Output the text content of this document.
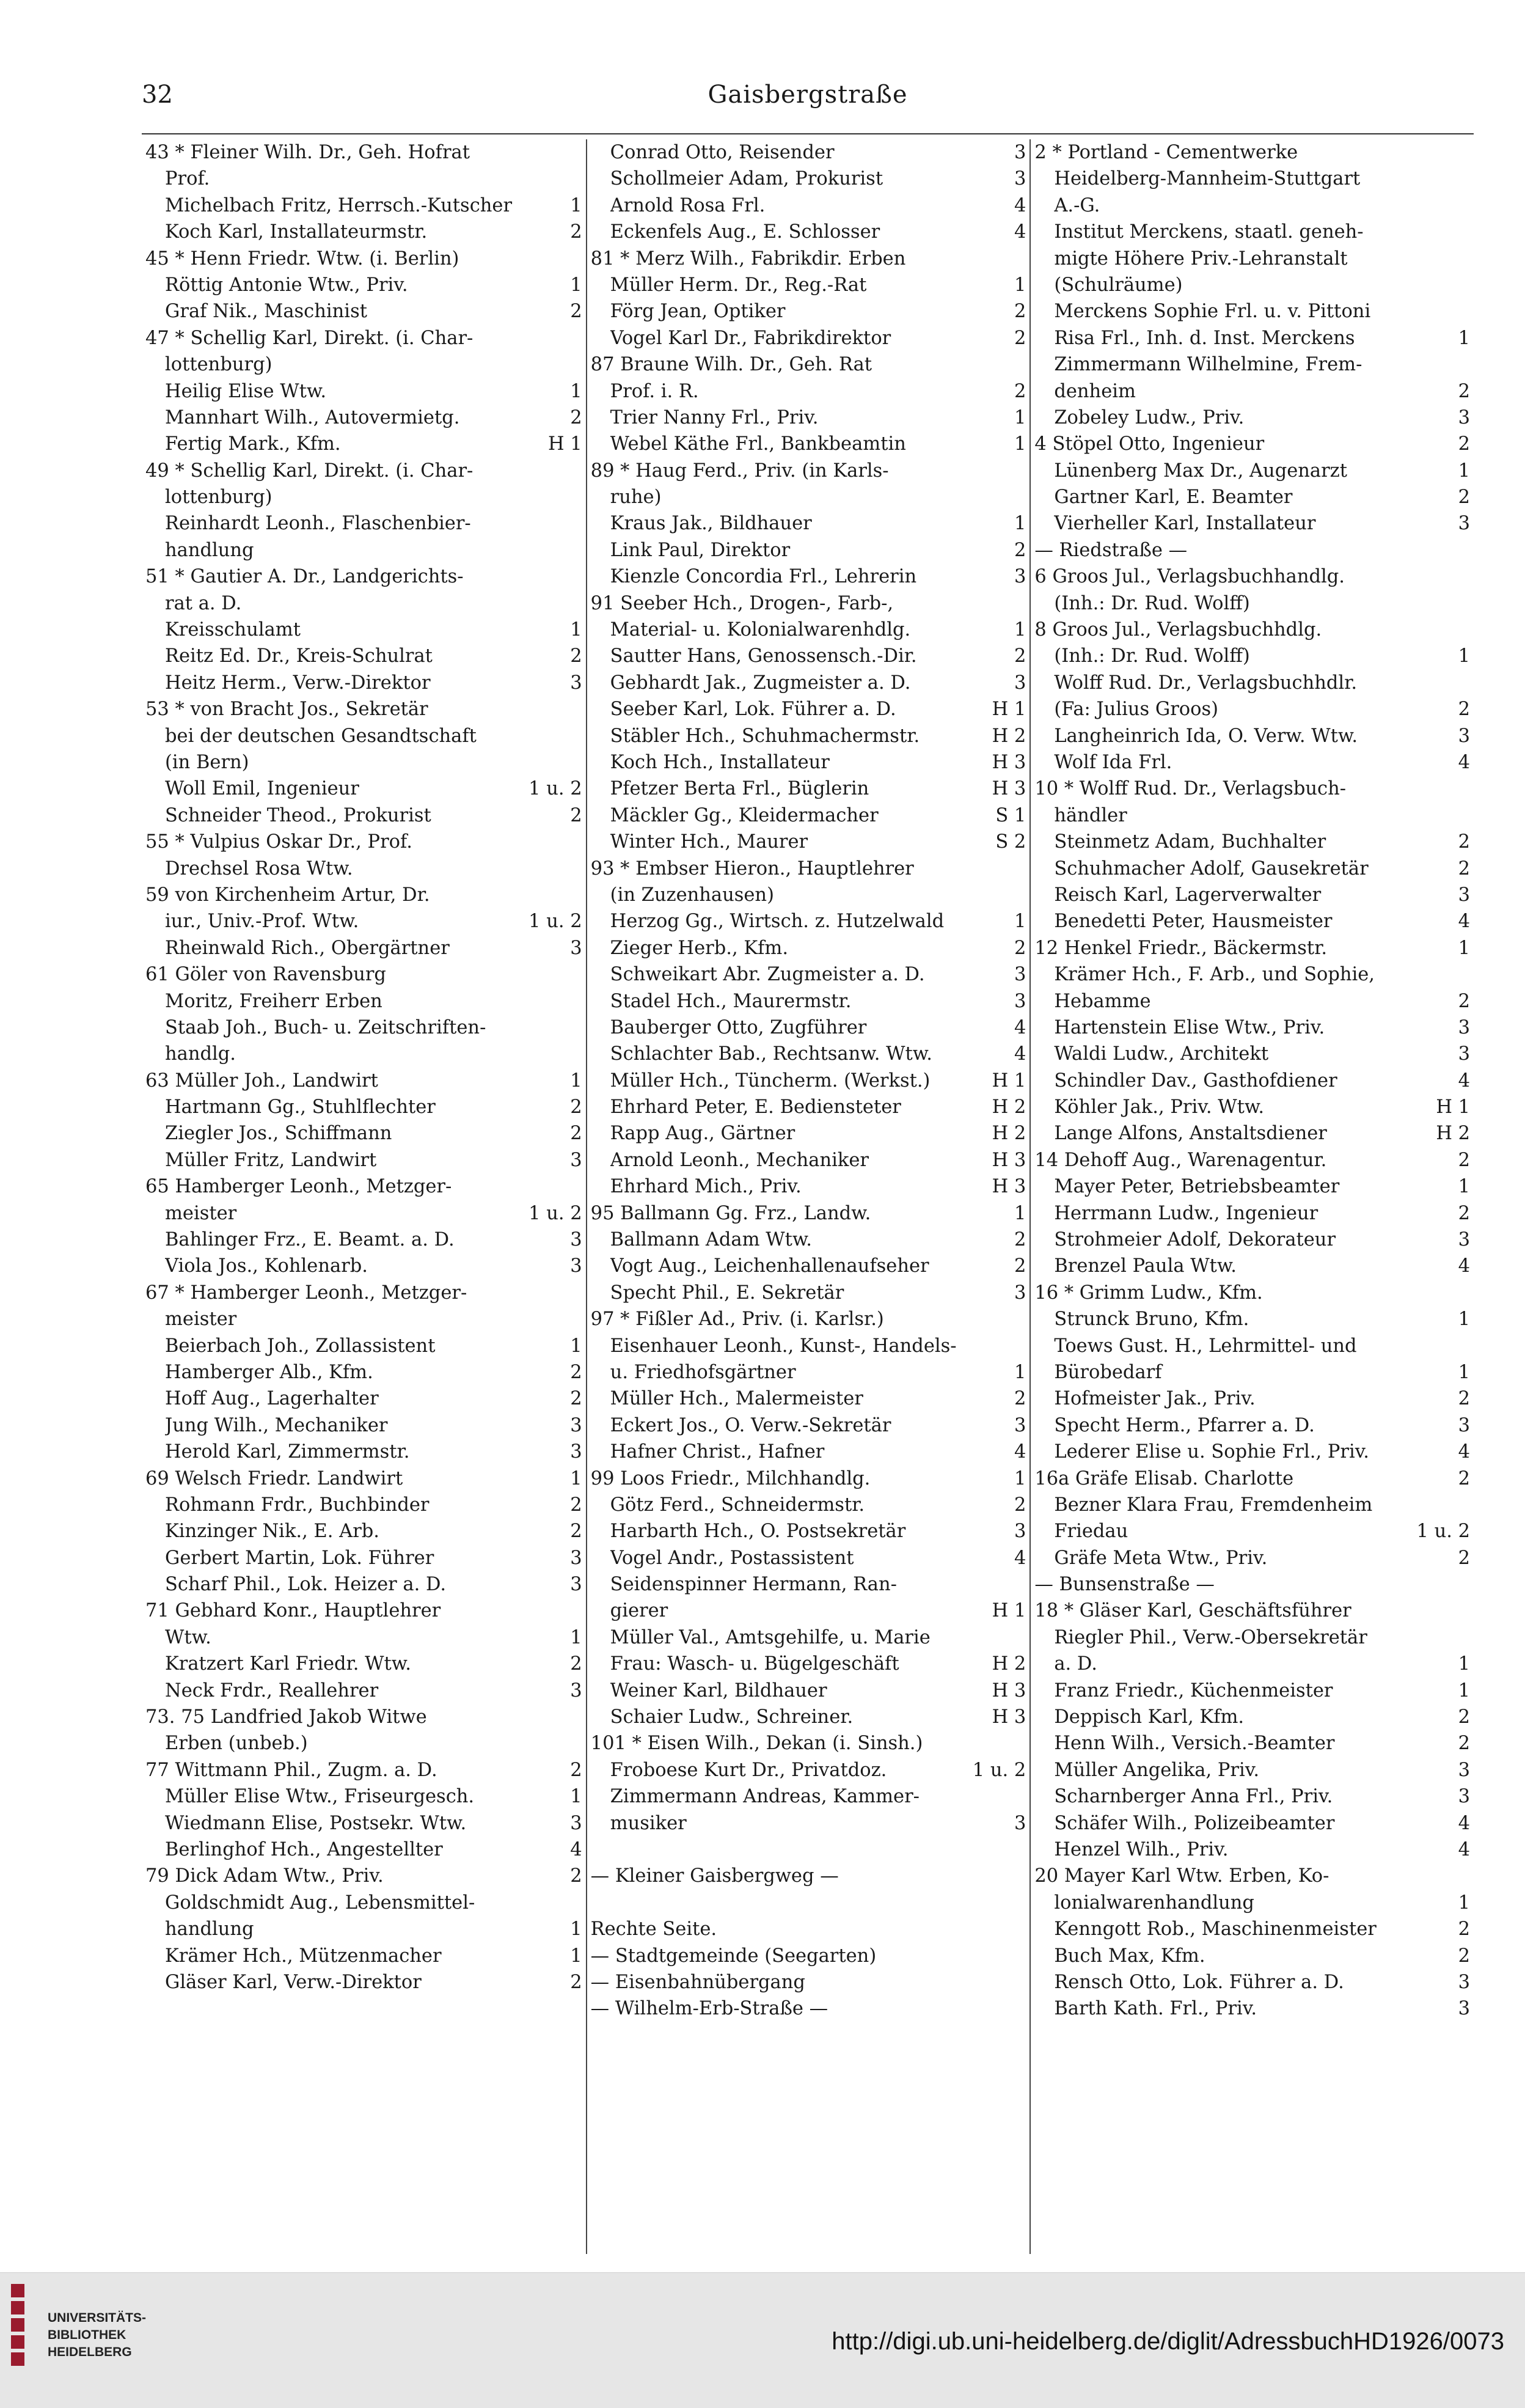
32	Gaisbergstraße
43 * Fleiner Wilh. Dr., Geh. Hofrat
Prof.
Michelbach Fritz, Herrsch.-Kutscher	1
Koch Karl, Installateurmstr.	2
45 * Henn Friedr. Wtw. (i. Berlin)
Röttig Antonie Wtw., Priv.	1
Graf Nik., Maschinist	2
47 * Schellig Karl, Direkt. (i. Char-
lottenburg)
Heilig Elise Wtw.	1
Mannhart Wilh., Autovermietg.	2
Fertig Mark., Kfm.	H 1
49 * Schellig Karl, Direkt. (i. Char-
lottenburg)
Reinhardt Leonh., Flaschenbier-
handlung
51 * Gautier A. Dr., Landgerichts-
rat a. D.
Kreisschulamt	1
Reitz Ed. Dr., Kreis-Schulrat	2
Heitz Herm., Verw.-Direktor	3
53 * von Bracht Jos., Sekretär
bei der deutschen Gesandtschaft
(in Bern)
Woll Emil, Ingenieur	1 u. 2
Schneider Theod., Prokurist	2
55 * Vulpius Oskar Dr., Prof.
Drechsel Rosa Wtw.
59 von Kirchenheim Artur, Dr.
iur., Univ.-Prof. Wtw.	1 u. 2
Rheinwald Rich., Obergärtner	3
61 Göler von Ravensburg
Moritz, Freiherr Erben
Staab Joh., Buch- u. Zeitschriften-
handlg.
63 Müller Joh., Landwirt	1
Hartmann Gg., Stuhlflechter	2
Ziegler Jos., Schiffmann	2
Müller Fritz, Landwirt	3
65 Hamberger Leonh., Metzger-
meister	1 u. 2
Bahlinger Frz., E. Beamt. a. D.	3
Viola Jos., Kohlenarb.	3
67 * Hamberger Leonh., Metzger-
meister
Beierbach Joh., Zollassistent	1
Hamberger Alb., Kfm.	2
Hoff Aug., Lagerhalter	2
Jung Wilh., Mechaniker	3
Herold Karl, Zimmermstr.	3
69 Welsch Friedr. Landwirt	1
Rohmann Frdr., Buchbinder	2
Kinzinger Nik., E. Arb.	2
Gerbert Martin, Lok. Führer	3
Scharf Phil., Lok. Heizer a. D.	3
71 Gebhard Konr., Hauptlehrer
Wtw.	1
Kratzert Karl Friedr. Wtw.	2
Neck Frdr., Reallehrer	3
73. 75 Landfried Jakob Witwe
Erben (unbeb.)
77 Wittmann Phil., Zugm. a. D.	2
Müller Elise Wtw., Friseurgesch.	1
Wiedmann Elise, Postsekr. Wtw.	3
Berlinghof Hch., Angestellter	4
79 Dick Adam Wtw., Priv.	2
Goldschmidt Aug., Lebensmittel-
handlung	1
Krämer Hch., Mützenmacher	1
Gläser Karl, Verw.-Direktor	2
Conrad Otto, Reisender	3
Schollmeier Adam, Prokurist	3
Arnold Rosa Frl.	4
Eckenfels Aug., E. Schlosser	4
81 * Merz Wilh., Fabrikdir. Erben
Müller Herm. Dr., Reg.-Rat	1
Förg Jean, Optiker	2
Vogel Karl Dr., Fabrikdirektor	2
87 Braune Wilh. Dr., Geh. Rat
Prof. i. R.	2
Trier Nanny Frl., Priv.	1
Webel Käthe Frl., Bankbeamtin	1
89 * Haug Ferd., Priv. (in Karls-
ruhe)
Kraus Jak., Bildhauer	1
Link Paul, Direktor	2
Kienzle Concordia Frl., Lehrerin	3
91 Seeber Hch., Drogen-, Farb-,
Material- u. Kolonialwarenhdlg.	1
Sautter Hans, Genossensch.-Dir.	2
Gebhardt Jak., Zugmeister a. D.	3
Seeber Karl, Lok. Führer a. D.	H 1
Stäbler Hch., Schuhmachermstr.	H 2
Koch Hch., Installateur	H 3
Pfetzer Berta Frl., Büglerin	H 3
Mäckler Gg., Kleidermacher	S 1
Winter Hch., Maurer	S 2
93 * Embser Hieron., Hauptlehrer
(in Zuzenhausen)
Herzog Gg., Wirtsch. z. Hutzelwald	1
Zieger Herb., Kfm.	2
Schweikart Abr. Zugmeister a. D.	3
Stadel Hch., Maurermstr.	3
Bauberger Otto, Zugführer	4
Schlachter Bab., Rechtsanw. Wtw.	4
Müller Hch., Tüncherm. (Werkst.)	H 1
Ehrhard Peter, E. Bediensteter	H 2
Rapp Aug., Gärtner	H 2
Arnold Leonh., Mechaniker	H 3
Ehrhard Mich., Priv.	H 3
95 Ballmann Gg. Frz., Landw.	1
Ballmann Adam Wtw.	2
Vogt Aug., Leichenhallenaufseher	2
Specht Phil., E. Sekretär	3
97 * Fißler Ad., Priv. (i. Karlsr.)
Eisenhauer Leonh., Kunst-, Handels-
u. Friedhofsgärtner	1
Müller Hch., Malermeister	2
Eckert Jos., O. Verw.-Sekretär	3
Hafner Christ., Hafner	4
99 Loos Friedr., Milchhandlg.	1
Götz Ferd., Schneidermstr.	2
Harbarth Hch., O. Postsekretär	3
Vogel Andr., Postassistent	4
Seidenspinner Hermann, Ran-
gierer	H 1
Müller Val., Amtsgehilfe, u. Marie
Frau: Wasch- u. Bügelgeschäft	H 2
Weiner Karl, Bildhauer	H 3
Schaier Ludw., Schreiner.	H 3
101 * Eisen Wilh., Dekan (i. Sinsh.)
Froboese Kurt Dr., Privatdoz.	1 u. 2
Zimmermann Andreas, Kammer-
musiker	3
— Kleiner Gaisbergweg —
Rechte Seite.
— Stadtgemeinde (Seegarten)
— Eisenbahnübergang
— Wilhelm-Erb-Straße —
2 * Portland - Cementwerke
Heidelberg-Mannheim-Stuttgart
A.-G.
Institut Merckens, staatl. geneh-
migte Höhere Priv.-Lehranstalt
(Schulräume)
Merckens Sophie Frl. u. v. Pittoni
Risa Frl., Inh. d. Inst. Merckens	1
Zimmermann Wilhelmine, Frem-
denheim	2
Zobeley Ludw., Priv.	3
4 Stöpel Otto, Ingenieur	2
Lünenberg Max Dr., Augenarzt	1
Gartner Karl, E. Beamter	2
Vierheller Karl, Installateur	3
— Riedstraße —
6 Groos Jul., Verlagsbuchhandlg.
(Inh.: Dr. Rud. Wolff)
8 Groos Jul., Verlagsbuchhdlg.
(Inh.: Dr. Rud. Wolff)	1
Wolff Rud. Dr., Verlagsbuchhdlr.
(Fa: Julius Groos)	2
Langheinrich Ida, O. Verw. Wtw.	3
Wolf Ida Frl.	4
10 * Wolff Rud. Dr., Verlagsbuch-
händler
Steinmetz Adam, Buchhalter	2
Schuhmacher Adolf, Gausekretär	2
Reisch Karl, Lagerverwalter	3
Benedetti Peter, Hausmeister	4
12 Henkel Friedr., Bäckermstr.	1
Krämer Hch., F. Arb., und Sophie,
Hebamme	2
Hartenstein Elise Wtw., Priv.	3
Waldi Ludw., Architekt	3
Schindler Dav., Gasthofdiener	4
Köhler Jak., Priv. Wtw.	H 1
Lange Alfons, Anstaltsdiener	H 2
14 Dehoff Aug., Warenagentur.	2
Mayer Peter, Betriebsbeamter	1
Herrmann Ludw., Ingenieur	2
Strohmeier Adolf, Dekorateur	3
Brenzel Paula Wtw.	4
16 * Grimm Ludw., Kfm.
Strunck Bruno, Kfm.	1
Toews Gust. H., Lehrmittel- und
Bürobedarf	1
Hofmeister Jak., Priv.	2
Specht Herm., Pfarrer a. D.	3
Lederer Elise u. Sophie Frl., Priv.	4
16a Gräfe Elisab. Charlotte	2
Bezner Klara Frau, Fremdenheim
Friedau	1 u. 2
Gräfe Meta Wtw., Priv.	2
— Bunsenstraße —
18 * Gläser Karl, Geschäftsführer
Riegler Phil., Verw.-Obersekretär
a. D.	1
Franz Friedr., Küchenmeister	1
Deppisch Karl, Kfm.	2
Henn Wilh., Versich.-Beamter	2
Müller Angelika, Priv.	3
Scharnberger Anna Frl., Priv.	3
Schäfer Wilh., Polizeibeamter	4
Henzel Wilh., Priv.	4
20 Mayer Karl Wtw. Erben, Ko-
lonialwarenhandlung	1
Kenngott Rob., Maschinenmeister	2
Buch Max, Kfm.	2
Rensch Otto, Lok. Führer a. D.	3
Barth Kath. Frl., Priv.	3
UNIVERSITÄTS-
BIBLIOTHEK
HEIDELBERG	http://digi.ub.uni-heidelberg.de/diglit/AdressbuchHD1926/0073
